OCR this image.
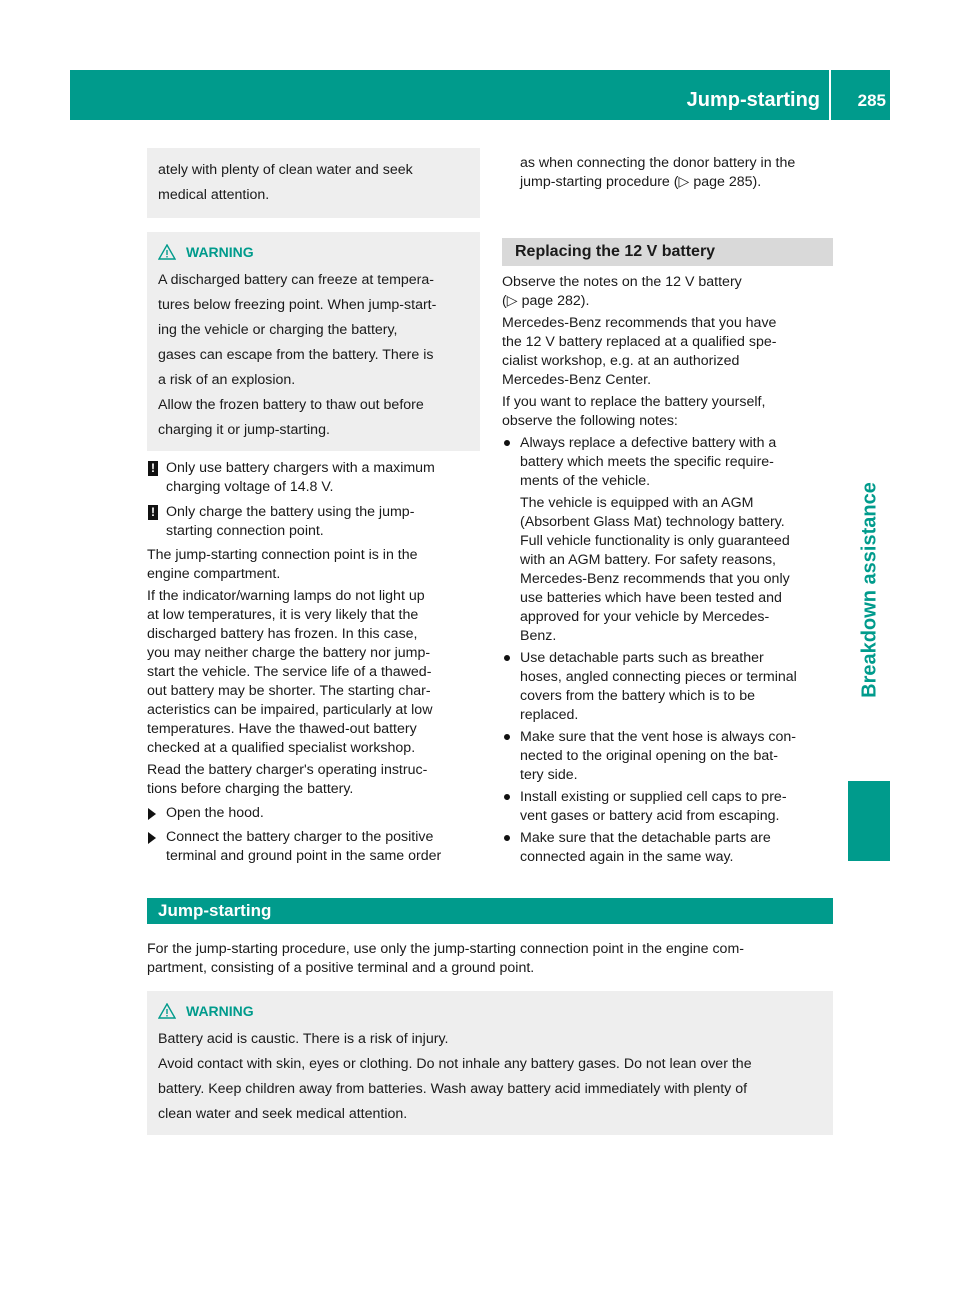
Jump-starting 285
Breakdown assistance

ately with plenty of clean water and seek

medical attention.

WARNING

A discharged battery can freeze at tempera-

tures below freezing point. When jump-start-

ing the vehicle or charging the battery,

gases can escape from the battery. There is

a risk of an explosion.

Allow the frozen battery to thaw out before

charging it or jump-starting.

! Only use battery chargers with a maximum

charging voltage of 14.8 V.

! Only charge the battery using the jump-

starting connection point.

The jump-starting connection point is in the

engine compartment.

If the indicator/warning lamps do not light up

at low temperatures, it is very likely that the

discharged battery has frozen. In this case,

you may neither charge the battery nor jump-

start the vehicle. The service life of a thawed-

out battery may be shorter. The starting char-

acteristics can be impaired, particularly at low

temperatures. Have the thawed-out battery

checked at a qualified specialist workshop.

Read the battery charger's operating instruc-

tions before charging the battery.

Open the hood.

Connect the battery charger to the positive

terminal and ground point in the same order

as when connecting the donor battery in the

jump-starting procedure (▷ page 285).

Replacing the 12 V battery

Observe the notes on the 12 V battery

(▷ page 282).

Mercedes-Benz recommends that you have

the 12 V battery replaced at a qualified spe-

cialist workshop, e.g. at an authorized

Mercedes-Benz Center.

If you want to replace the battery yourself,

observe the following notes:

Always replace a defective battery with a

battery which meets the specific require-

ments of the vehicle.

The vehicle is equipped with an AGM

(Absorbent Glass Mat) technology battery.

Full vehicle functionality is only guaranteed

with an AGM battery. For safety reasons,

Mercedes-Benz recommends that you only

use batteries which have been tested and

approved for your vehicle by Mercedes-

Benz.

Use detachable parts such as breather

hoses, angled connecting pieces or terminal

covers from the battery which is to be

replaced.

Make sure that the vent hose is always con-

nected to the original opening on the bat-

tery side.

Install existing or supplied cell caps to pre-

vent gases or battery acid from escaping.

Make sure that the detachable parts are

connected again in the same way.

Jump-starting

For the jump-starting procedure, use only the jump-starting connection point in the engine com-

partment, consisting of a positive terminal and a ground point.

WARNING

Battery acid is caustic. There is a risk of injury.

Avoid contact with skin, eyes or clothing. Do not inhale any battery gases. Do not lean over the

battery. Keep children away from batteries. Wash away battery acid immediately with plenty of

clean water and seek medical attention.
